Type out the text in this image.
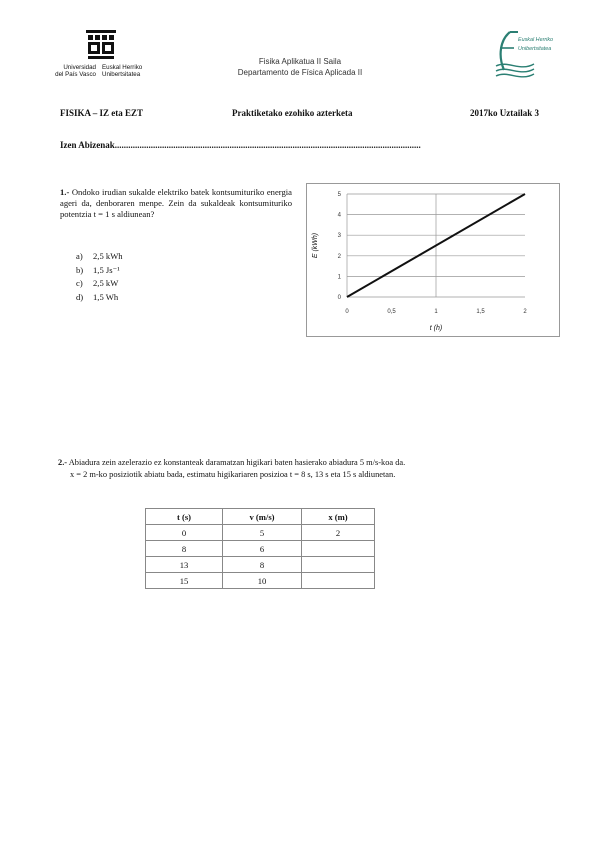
Universidad
del País Vasco
Euskal Herriko
Unibertsitatea
Fisika Aplikatua II Saila
Departamento de Física Aplicada II
Euskal Herriko
Unibertsitatea
FISIKA – IZ eta EZT	Praktiketako ezohiko azterketa	2017ko Uztailak 3
Izen Abizenak........................................................................................................................................
1.- Ondoko irudian sukalde elektriko batek kontsumituriko energia ageri da, denboraren menpe. Zein da sukaldeak kontsumituriko potentzia t = 1 s aldiunean?
a) 2,5 kWh
b) 1,5 Js⁻¹
c) 2,5 kW
d) 1,5 Wh	0
1
2
3
4
5
0	0,5	1	1,5	2
t (h)
E (kWh)
2.- Abiadura zein azelerazio ez konstanteak daramatzan higikari baten hasierako abiadura 5 m/s-koa da.
x = 2 m-ko posiziotik abiatu bada, estimatu higikariaren posizioa t = 8 s, 13 s eta 15 s aldiunetan.
t (s)	v (m/s)	x (m)
0	5	2
8	6	
13	8	
15	10	
